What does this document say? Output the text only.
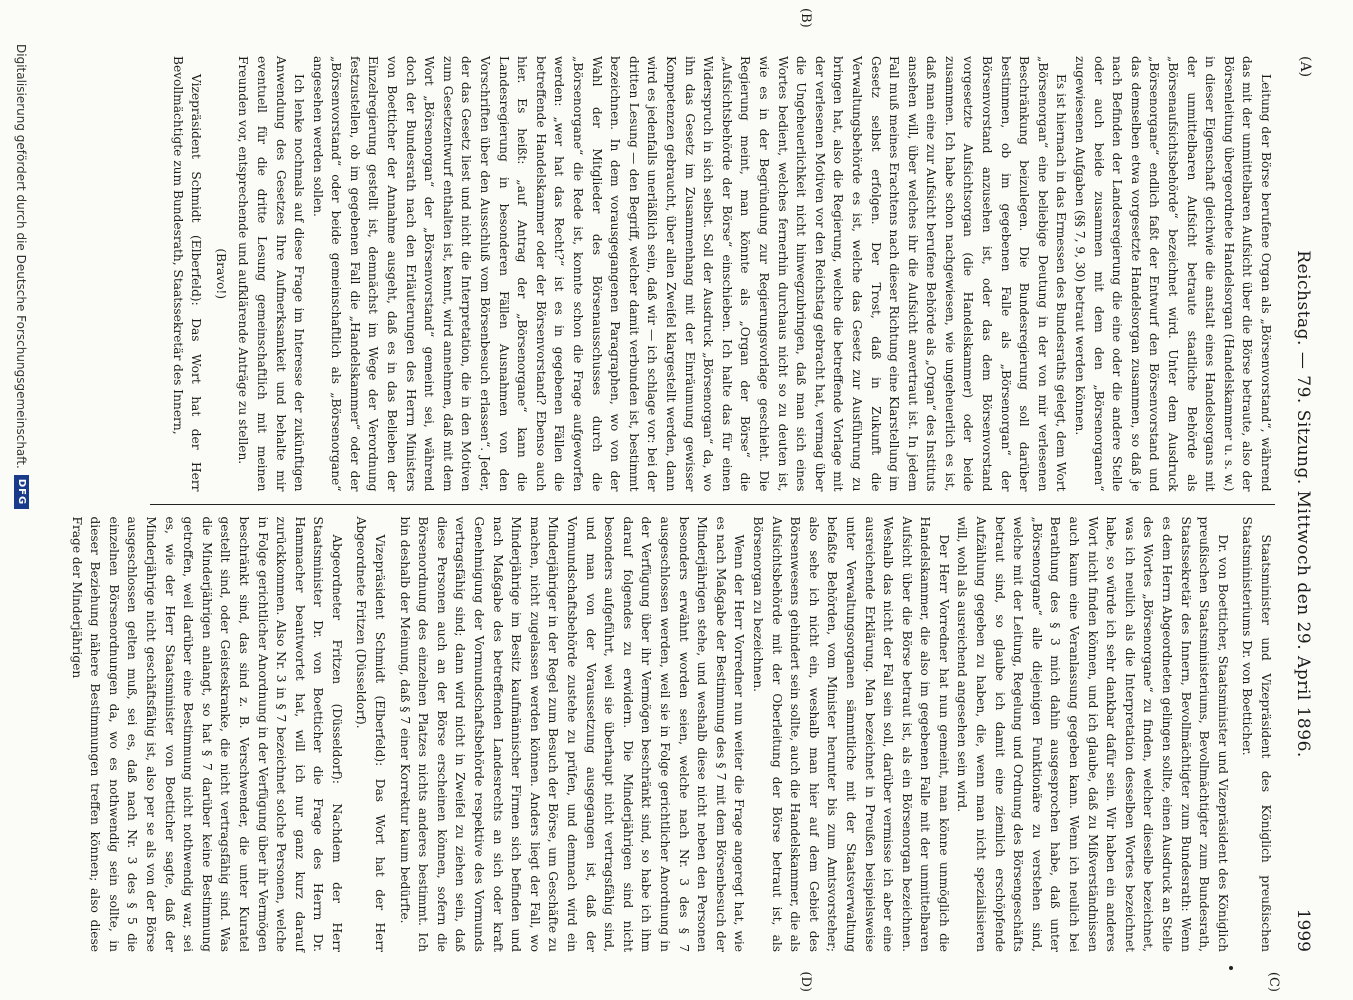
(A)
Reichstag. — 79. Sitzung. Mittwoch den 29. April 1896.
1999
(B)
(C)
(D)

Leitung der Börse berufene Organ als „Börsenvorstand“, während das mit der unmittelbaren Aufsicht über die Börse betraute, also der Börsenleitung übergeordnete Handelsorgan (Handelskammer u. s. w.) in dieser Eigenschaft gleichwie die anstalt eines Handelsorgans mit der unmittelbaren Aufsicht betraute staatliche Behörde als „Börsenaufsichtsbehörde“ bezeichnet wird. Unter dem Ausdruck „Börsenorgane“ endlich faßt der Entwurf den Börsenvorstand und das demselben etwa vorgesetzte Handelsorgan zusammen, so daß je nach Befinden der Landesregierung die eine oder die andere Stelle oder auch beide zusammen mit dem den „Börsenorganen“ zugewiesenen Aufgaben (§§ 7, 9, 30) betraut werden können.

Es ist hiernach in das Ermessen des Bundesraths gelegt, dem Wort „Börsenorgan“ eine beliebige Deutung in der von mir verlesenen Beschränkung beizulegen. Die Bundesregierung soll darüber bestimmen, ob im gegebenen Falle als „Börsenorgan“ der Börsenvorstand anzusehen ist, oder das dem Börsenvorstand vorgesetzte Aufsichtsorgan (die Handelskammer) oder beide zusammen. Ich habe schon nachgewiesen, wie ungeheuerlich es ist, daß man eine zur Aufsicht berufene Behörde als „Organ“ des Instituts ansehen will, über welches ihr die Aufsicht anvertraut ist. In jedem Fall muß meines Erachtens nach dieser Richtung eine Klarstellung im Gesetz selbst erfolgen. Der Trost, daß in Zukunft die Verwaltungsbehörde es ist, welche das Gesetz zur Ausführung zu bringen hat, also die Regierung, welche die betreffende Vorlage mit der verlesenen Motiven vor den Reichstag gebracht hat, vermag über die Ungeheuerlichkeit nicht hinwegzubringen, daß man sich eines Wortes bedient, welches fernerhin durchaus nicht so zu deuten ist, wie es in der Begründung zur Regierungsvorlage geschieht. Die Regierung meint, man könnte als „Organ der Börse“ die „Aufsichtsbehörde der Börse“ einschieben. Ich halte das für einen Widerspruch in sich selbst. Soll der Ausdruck „Börsenorgan“ da, wo ihn das Gesetz im Zusammenhang mit der Einräumung gewisser Kompetenzen gebraucht, über allen Zweifel klargestellt werden, dann wird es jedenfalls unerläßlich sein, daß wir — ich schlage vor: bei der dritten Lesung — den Begriff, welcher damit verbunden ist, bestimmt bezeichnen. In dem vorausgegangenen Paragraphen, wo von der Wahl der Mitglieder des Börsenausschusses durch die „Börsenorgane“ die Rede ist, konnte schon die Frage aufgeworfen werden: „wer hat das Recht?“ ist es in gegebenen Fällen die betreffende Handelskammer oder der Börsenvorstand? Ebenso auch hier. Es heißt: „auf Antrag der „Börsenorgane“ kann die Landesregierung in besonderen Fällen Ausnahmen von den Vorschriften über den Ausschluß vom Börsenbesuch erlassen“. Jeder, der das Gesetz liest und nicht die Interpretation, die in den Motiven zum Gesetzentwurf enthalten ist, kennt, wird annehmen, daß mit dem Wort „Börsenorgan“ der „Börsenvorstand“ gemeint sei, während doch der Bundesrath nach den Erläuterungen des Herrn Ministers von Boetticher der Annahme ausgeht, daß es in das Belieben der Einzelregierung gestellt ist, demnächst im Wege der Verordnung festzustellen, ob im gegebenen Fall die „Handelskammer“ oder der „Börsenvorstand“ oder beide gemeinschaftlich als „Börsenorgane“ angesehen werden sollen.

Ich lenke nochmals auf diese Frage im Interesse der zukünftigen Anwendung des Gesetzes Ihre Aufmerksamkeit und behalte mir eventuell für die dritte Lesung gemeinschaftlich mit meinen Freunden vor, entsprechende und aufklärende Anträge zu stellen.

(Bravo!)

Vizepräsident Schmidt (Elberfeld): Das Wort hat der Herr Bevollmächtigte zum Bundesrath, Staatssekretär des Innern,

Staatsminister und Vizepräsident des Königlich preußischen Staatsministeriums Dr. von Boetticher.

Dr. von Boetticher, Staatsminister und Vizepräsident des Königlich preußischen Staatsministeriums, Bevollmächtigter zum Bundesrath, Staatssekretär des Innern, Bevollmächtigter zum Bundesrath: Wenn es dem Herrn Abgeordneten gelingen sollte, einen Ausdruck an Stelle des Wortes „Börsenorgane“ zu finden, welcher dieselbe bezeichnet, was ich neulich als die Interpretation desselben Wortes bezeichnet habe, so würde ich sehr dankbar dafür sein. Wir haben ein anderes Wort nicht finden können, und ich glaube, daß zu Mißverständnissen auch kaum eine Veranlassung gegeben kann. Wenn ich neulich bei Berathung des § 3 mich dahin ausgesprochen habe, daß unter „Börsenorgane“ alle diejenigen Funktionäre zu verstehen sind, welche mit der Leitung, Regelung und Ordnung des Börsengeschäfts betraut sind, so glaube ich damit eine ziemlich erschöpfende Aufzählung gegeben zu haben, die, wenn man nicht spezialisieren will, wohl als ausreichend angesehen sein wird.

Der Herr Vorredner hat nun gemeint, man könne unmöglich die Handelskammer, die also im gegebenen Falle mit der unmittelbaren Aufsicht über die Börse betraut ist, als ein Börsenorgan bezeichnen. Weshalb das nicht der Fall sein soll, darüber vermisse ich aber eine ausreichende Erklärung. Man bezeichnet in Preußen beispielsweise unter Verwaltungsorganen sämmtliche mit der Staatsverwaltung befaßte Behörden, vom Minister herunter bis zum Amtsvorsteher; also sehe ich nicht ein, weshalb man hier auf dem Gebiet des Börsenwesens gehindert sein sollte, auch die Handelskammer, die als Aufsichtsbehörde mit der Oberleitung der Börse betraut ist, als Börsenorgan zu bezeichnen.

Wenn der Herr Vorredner nun weiter die Frage angeregt hat, wie es nach Maßgabe der Bestimmung des § 7 mit dem Börsenbesuch der Minderjährigen stehe, und weshalb diese nicht neben den Personen besonders erwähnt worden seien, welche nach Nr. 3 des § 7 ausgeschlossen werden, weil sie in Folge gerichtlicher Anordnung in der Verfügung über ihr Vermögen beschränkt sind, so habe ich ihm darauf folgendes zu erwidern. Die Minderjährigen sind nicht besonders aufgeführt, weil sie überhaupt nicht vertragsfähig sind, und man von der Voraussetzung ausgegangen ist, daß der Vormundschaftsbehörde zustehe zu prüfen, und demnach wird ein Minderjähriger in der Regel zum Besuch der Börse, um Geschäfte zu machen, nicht zugelassen werden können. Anders liegt der Fall, wo Minderjährige im Besitz kaufmännischer Firmen sich befinden und nach Maßgabe des betreffenden Landesrechts an sich oder kraft Genehmigung der Vormundschaftsbehörde respektive des Vormunds vertragsfähig sind; dann wird nicht in Zweifel zu ziehen sein, daß diese Personen auch an der Börse erscheinen können, sofern die Börsenordnung des einzelnen Platzes nichts anderes bestimmt. Ich bin deshalb der Meinung, daß § 7 einer Korrektur kaum bedürfte.

Vizepräsident Schmidt (Elberfeld): Das Wort hat der Herr Abgeordnete Fritzen (Düsseldorf).

Abgeordneter Fritzen (Düsseldorf): Nachdem der Herr Staatsminister Dr. von Boetticher die Frage des Herrn Dr. Hammacher beantwortet hat, will ich nur ganz kurz darauf zurückkommen. Also Nr. 3 in § 7 bezeichnet solche Personen, welche in Folge gerichtlicher Anordnung in der Verfügung über ihr Vermögen beschränkt sind, das sind z. B. Verschwender, die unter Kuratel gestellt sind, oder Geisteskranke, die nicht vertragsfähig sind. Was die Minderjährigen anlangt, so hat § 7 darüber keine Bestimmung getroffen, weil darüber eine Bestimmung nicht nothwendig war, sei es, wie der Herr Staatsminister von Boetticher sagte, daß der Minderjährige nicht geschäftsfähig ist, also per se als von der Börse ausgeschlossen gelten muß, sei es, daß nach Nr. 3 des § 5 die einzelnen Börsenordnungen da, wo es nothwendig sein sollte, in dieser Beziehung nähere Bestimmungen treffen können; also diese Frage der Minderjährigen

Digitalisierung gefördert durch die Deutsche Forschungsgemeinschaft.
DFG
